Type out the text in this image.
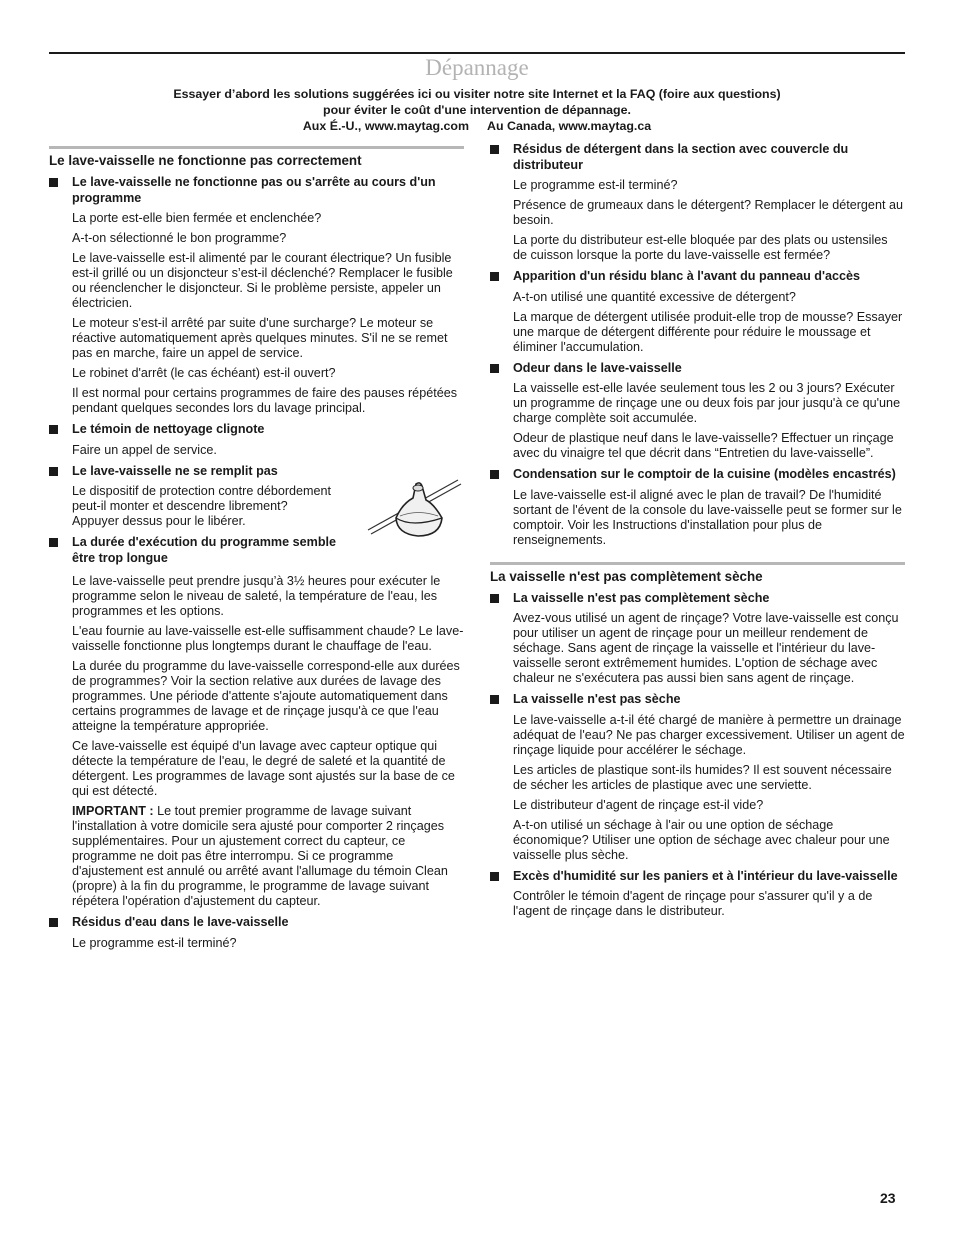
Dépannage
Essayer d’abord les solutions suggérées ici ou visiter notre site Internet et la FAQ (foire aux questions)
pour éviter le coût d'une intervention de dépannage.
Aux É.-U., www.maytag.com Au Canada, www.maytag.ca
Le lave-vaisselle ne fonctionne pas correctement
Le lave-vaisselle ne fonctionne pas ou s'arrête au cours d'un programme

La porte est-elle bien fermée et enclenchée?

A-t-on sélectionné le bon programme?

Le lave-vaisselle est-il alimenté par le courant électrique? Un fusible est-il grillé ou un disjoncteur s’est-il déclenché? Remplacer le fusible ou réenclencher le disjoncteur. Si le problème persiste, appeler un électricien.

Le moteur s'est-il arrêté par suite d'une surcharge? Le moteur se réactive automatiquement après quelques minutes. S'il ne se remet pas en marche, faire un appel de service.

Le robinet d'arrêt (le cas échéant) est-il ouvert?

Il est normal pour certains programmes de faire des pauses répétées pendant quelques secondes lors du lavage principal.

Le témoin de nettoyage clignote

Faire un appel de service.

Le lave-vaisselle ne se remplit pas

Le dispositif de protection contre débordement peut-il monter et descendre librement? Appuyer dessus pour le libérer.

La durée d'exécution du programme semble être trop longue

Le lave-vaisselle peut prendre jusqu’à 3½ heures pour exécuter le programme selon le niveau de saleté, la température de l'eau, les programmes et les options.

L'eau fournie au lave-vaisselle est-elle suffisamment chaude? Le lave-vaisselle fonctionne plus longtemps durant le chauffage de l'eau.

La durée du programme du lave-vaisselle correspond-elle aux durées de programmes? Voir la section relative aux durées de lavage des programmes. Une période d'attente s'ajoute automatiquement dans certains programmes de lavage et de rinçage jusqu'à ce que l'eau atteigne la température appropriée.

Ce lave-vaisselle est équipé d'un lavage avec capteur optique qui détecte la température de l'eau, le degré de saleté et la quantité de détergent. Les programmes de lavage sont ajustés sur la base de ce qui est détecté.

IMPORTANT : Le tout premier programme de lavage suivant l'installation à votre domicile sera ajusté pour comporter 2 rinçages supplémentaires. Pour un ajustement correct du capteur, ce programme ne doit pas être interrompu. Si ce programme d'ajustement est annulé ou arrêté avant l'allumage du témoin Clean (propre) à la fin du programme, le programme de lavage suivant répétera l'opération d'ajustement du capteur.

Résidus d'eau dans le lave-vaisselle

Le programme est-il terminé?

Résidus de détergent dans la section avec couvercle du distributeur

Le programme est-il terminé?

Présence de grumeaux dans le détergent? Remplacer le détergent au besoin.

La porte du distributeur est-elle bloquée par des plats ou ustensiles de cuisson lorsque la porte du lave-vaisselle est fermée?

Apparition d'un résidu blanc à l'avant du panneau d'accès

A-t-on utilisé une quantité excessive de détergent?

La marque de détergent utilisée produit-elle trop de mousse? Essayer une marque de détergent différente pour réduire le moussage et éliminer l'accumulation.

Odeur dans le lave-vaisselle

La vaisselle est-elle lavée seulement tous les 2 ou 3 jours? Exécuter un programme de rinçage une ou deux fois par jour jusqu'à ce qu'une charge complète soit accumulée.

Odeur de plastique neuf dans le lave-vaisselle? Effectuer un rinçage avec du vinaigre tel que décrit dans “Entretien du lave-vaisselle”.

Condensation sur le comptoir de la cuisine (modèles encastrés)

Le lave-vaisselle est-il aligné avec le plan de travail? De l'humidité sortant de l'évent de la console du lave-vaisselle peut se former sur le comptoir. Voir les Instructions d'installation pour plus de renseignements.

La vaisselle n'est pas complètement sèche
La vaisselle n'est pas complètement sèche

Avez-vous utilisé un agent de rinçage? Votre lave-vaisselle est conçu pour utiliser un agent de rinçage pour un meilleur rendement de séchage. Sans agent de rinçage la vaisselle et l'intérieur du lave-vaisselle seront extrêmement humides. L'option de séchage avec chaleur ne s'exécutera pas aussi bien sans agent de rinçage.

La vaisselle n'est pas sèche

Le lave-vaisselle a-t-il été chargé de manière à permettre un drainage adéquat de l'eau? Ne pas charger excessivement. Utiliser un agent de rinçage liquide pour accélérer le séchage.

Les articles de plastique sont-ils humides? Il est souvent nécessaire de sécher les articles de plastique avec une serviette.

Le distributeur d'agent de rinçage est-il vide?

A-t-on utilisé un séchage à l'air ou une option de séchage économique? Utiliser une option de séchage avec chaleur pour une vaisselle plus sèche.

Excès d'humidité sur les paniers et à l'intérieur du lave-vaisselle

Contrôler le témoin d'agent de rinçage pour s'assurer qu'il y a de l'agent de rinçage dans le distributeur.

23
